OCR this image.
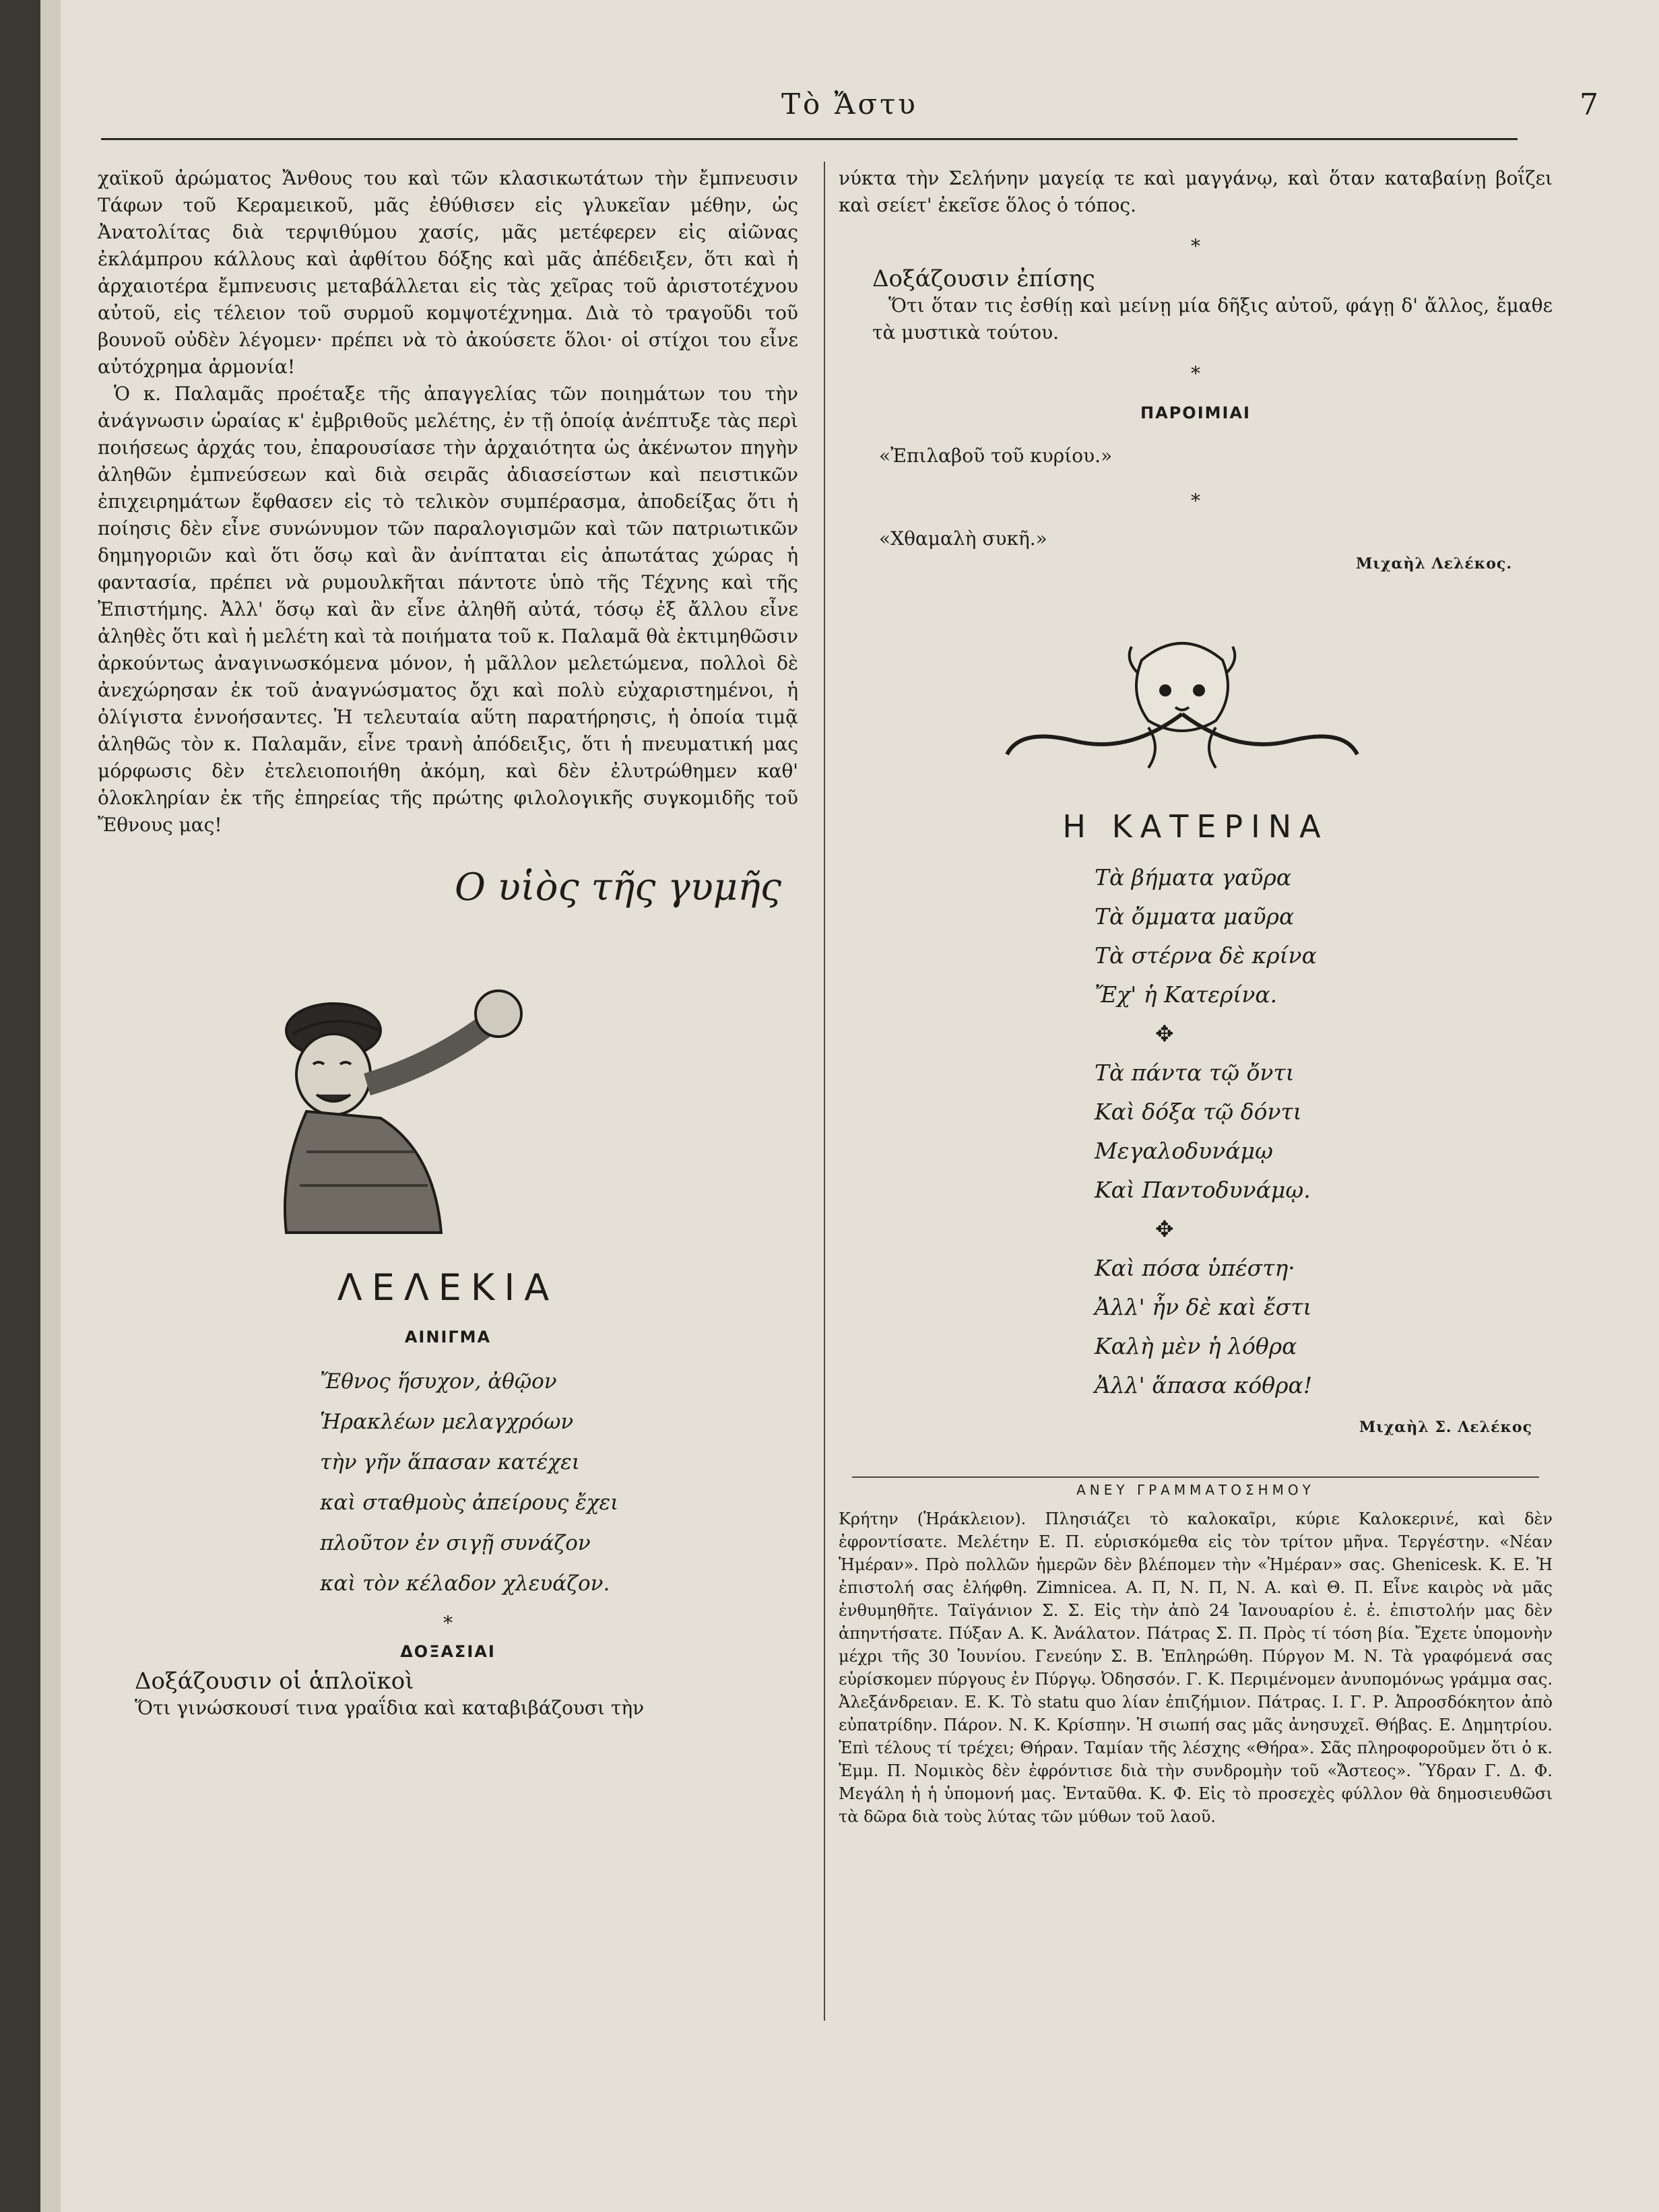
Τὸ Ἄστυ	7

χαϊκοῦ ἀρώματος Ἄνθους του καὶ τῶν κλασικωτάτων τὴν ἔμπνευσιν Τάφων τοῦ Κεραμεικοῦ, μᾶς ἐθύθισεν εἰς γλυκεῖαν μέθην, ὡς Ἀνατολίτας διὰ τερψιθύμου χασίς, μᾶς μετέφερεν εἰς αἰῶνας ἐκλάμπρου κάλλους καὶ ἀφθίτου δόξης καὶ μᾶς ἀπέδειξεν, ὅτι καὶ ἡ ἀρχαιοτέρα ἔμπνευσις μεταβάλλεται εἰς τὰς χεῖρας τοῦ ἀριστοτέχνου αὐτοῦ, εἰς τέλειον τοῦ συρμοῦ κομψοτέχνημα. Διὰ τὸ τραγοῦδι τοῦ βουνοῦ οὐδὲν λέγομεν· πρέπει νὰ τὸ ἀκούσετε ὅλοι· οἱ στίχοι του εἶνε αὐτόχρημα ἁρμονία!

Ὁ κ. Παλαμᾶς προέταξε τῆς ἀπαγγελίας τῶν ποιημάτων του τὴν ἀνάγνωσιν ὡραίας κ' ἐμβριθοῦς μελέτης, ἐν τῇ ὁποίᾳ ἀνέπτυξε τὰς περὶ ποιήσεως ἀρχάς του, ἐπαρουσίασε τὴν ἀρχαιότητα ὡς ἀκένωτον πηγὴν ἀληθῶν ἐμπνεύσεων καὶ διὰ σειρᾶς ἀδιασείστων καὶ πειστικῶν ἐπιχειρημάτων ἔφθασεν εἰς τὸ τελικὸν συμπέρασμα, ἀποδείξας ὅτι ἡ ποίησις δὲν εἶνε συνώνυμον τῶν παραλογισμῶν καὶ τῶν πατριωτικῶν δημηγοριῶν καὶ ὅτι ὅσῳ καὶ ἂν ἀνίπταται εἰς ἀπωτάτας χώρας ἡ φαντασία, πρέπει νὰ ρυμουλκῆται πάντοτε ὑπὸ τῆς Τέχνης καὶ τῆς Ἐπιστήμης. Ἀλλ' ὅσῳ καὶ ἂν εἶνε ἀληθῆ αὐτά, τόσῳ ἐξ ἄλλου εἶνε ἀληθὲς ὅτι καὶ ἡ μελέτη καὶ τὰ ποιήματα τοῦ κ. Παλαμᾶ θὰ ἐκτιμηθῶσιν ἀρκούντως ἀναγινωσκόμενα μόνον, ἡ μᾶλλον μελετώμενα, πολλοὶ δὲ ἀνεχώρησαν ἐκ τοῦ ἀναγνώσματος ὄχι καὶ πολὺ εὐχαριστημένοι, ἡ ὀλίγιστα ἐννοήσαντες. Ἡ τελευταία αὕτη παρατήρησις, ἡ ὁποία τιμᾷ ἀληθῶς τὸν κ. Παλαμᾶν, εἶνε τρανὴ ἀπόδειξις, ὅτι ἡ πνευματική μας μόρφωσις δὲν ἐτελειοποιήθη ἀκόμη, καὶ δὲν ἐλυτρώθημεν καθ' ὁλοκληρίαν ἐκ τῆς ἐπηρείας τῆς πρώτης φιλολογικῆς συγκομιδῆς τοῦ Ἔθνους μας!

Ο υἱὸς τῆς γυμῆς
ΛΕΛΕΚΙΑ
ΑΙΝΙΓΜΑ
Ἔθνος ἥσυχον, ἀθῷον
Ἡρακλέων μελαγχρόων
τὴν γῆν ἅπασαν κατέχει
καὶ σταθμοὺς ἀπείρους ἔχει
πλοῦτον ἐν σιγῇ συνάζον
καὶ τὸν κέλαδον χλευάζον.
*
ΔΟΞΑΣΙΑΙ
Δοξάζουσιν οἱ ἁπλοϊκοὶ
Ὅτι γινώσκουσί τινα γραΐδια καὶ καταβιβάζουσι τὴν
νύκτα τὴν Σελήνην μαγείᾳ τε καὶ μαγγάνῳ, καὶ ὅταν καταβαίνῃ βοΐζει καὶ σείετ' ἐκεῖσε ὅλος ὁ τόπος.
*
Δοξάζουσιν ἐπίσης
Ὅτι ὅταν τις ἐσθίῃ καὶ μείνῃ μία δῆξις αὐτοῦ, φάγῃ δ' ἄλλος, ἔμαθε τὰ μυστικὰ τούτου.
*
ΠΑΡΟΙΜΙΑΙ
«Ἐπιλαβοῦ τοῦ κυρίου.»
*
«Χθαμαλὴ συκῆ.»
Μιχαὴλ Λελέκος.
Η ΚΑΤΕΡΙΝΑ
Τὰ βήματα γαῦρα
Τὰ ὄμματα μαῦρα
Τὰ στέρνα δὲ κρίνα
Ἔχ' ἡ Κατερίνα.
✥
Τὰ πάντα τῷ ὄντι
Καὶ δόξα τῷ δόντι
Μεγαλοδυνάμῳ
Καὶ Παντοδυνάμῳ.
✥
Καὶ πόσα ὑπέστη·
Ἀλλ' ἦν δὲ καὶ ἔστι
Καλὴ μὲν ἡ λόθρα
Ἀλλ' ἅπασα κόθρα!
Μιχαὴλ Σ. Λελέκος
ΑΝΕΥ ΓΡΑΜΜΑΤΟΣΗΜΟΥ
Κρήτην (Ἡράκλειον). Πλησιάζει τὸ καλοκαῖρι, κύριε Καλοκερινέ, καὶ δὲν ἐφροντίσατε. Μελέτην Ε. Π. εὑρισκόμεθα εἰς τὸν τρίτον μῆνα. Τεργέστην. «Νέαν Ἡμέραν». Πρὸ πολλῶν ἡμερῶν δὲν βλέπομεν τὴν «Ἡμέραν» σας. Ghenicesk. Κ. Ε. Ἡ ἐπιστολή σας ἐλήφθη. Zimnicea. Α. Π, Ν. Π, Ν. Α. καὶ Θ. Π. Εἶνε καιρὸς νὰ μᾶς ἐνθυμηθῆτε. Ταϊγάνιον Σ. Σ. Εἰς τὴν ἀπὸ 24 Ἰανουαρίου ἐ. ἐ. ἐπιστολήν μας δὲν ἀπηντήσατε. Πύξαν Α. Κ. Ἀνάλατον. Πάτρας Σ. Π. Πρὸς τί τόση βία. Ἔχετε ὑπομονὴν μέχρι τῆς 30 Ἰουνίου. Γενεύην Σ. Β. Ἐπληρώθη. Πύργον Μ. Ν. Τὰ γραφόμενά σας εὑρίσκομεν πύργους ἐν Πύργῳ. Ὀδησσόν. Γ. Κ. Περιμένομεν ἀνυπομόνως γράμμα σας. Ἀλεξάνδρειαν. Ε. Κ. Τὸ statu quo λίαν ἐπιζήμιον. Πάτρας. Ι. Γ. Ρ. Ἀπροσδόκητον ἀπὸ εὐπατρίδην. Πάρον. Ν. Κ. Κρίσπην. Ἡ σιωπή σας μᾶς ἀνησυχεῖ. Θήβας. Ε. Δημητρίου. Ἐπὶ τέλους τί τρέχει; Θήραν. Ταμίαν τῆς λέσχης «Θήρα». Σᾶς πληροφοροῦμεν ὅτι ὁ κ. Ἐμμ. Π. Νομικὸς δὲν ἐφρόντισε διὰ τὴν συνδρομὴν τοῦ «Ἄστεος». Ὕδραν Γ. Δ. Φ. Μεγάλη ἡ ἡ ὑπομονή μας. Ἐνταῦθα. Κ. Φ. Εἰς τὸ προσεχὲς φύλλον θὰ δημοσιευθῶσι τὰ δῶρα διὰ τοὺς λύτας τῶν μύθων τοῦ λαοῦ.
